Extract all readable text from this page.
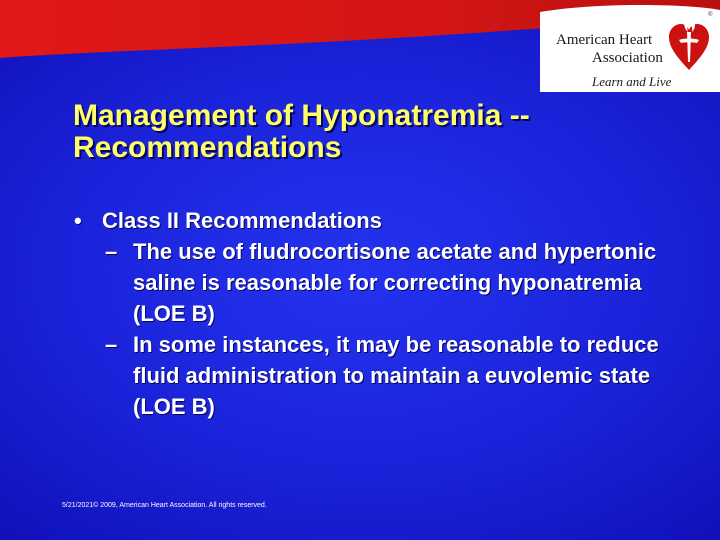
American Heart
Association
Learn and Live
®
Management of Hyponatremia --
Recommendations
• Class II Recommendations
– The use of fludrocortisone acetate and hypertonic saline is reasonable for correcting hyponatremia (LOE B)
– In some instances, it may be reasonable to reduce fluid administration to maintain a euvolemic state (LOE B)
5/21/2021© 2009, American Heart Association. All rights reserved.
